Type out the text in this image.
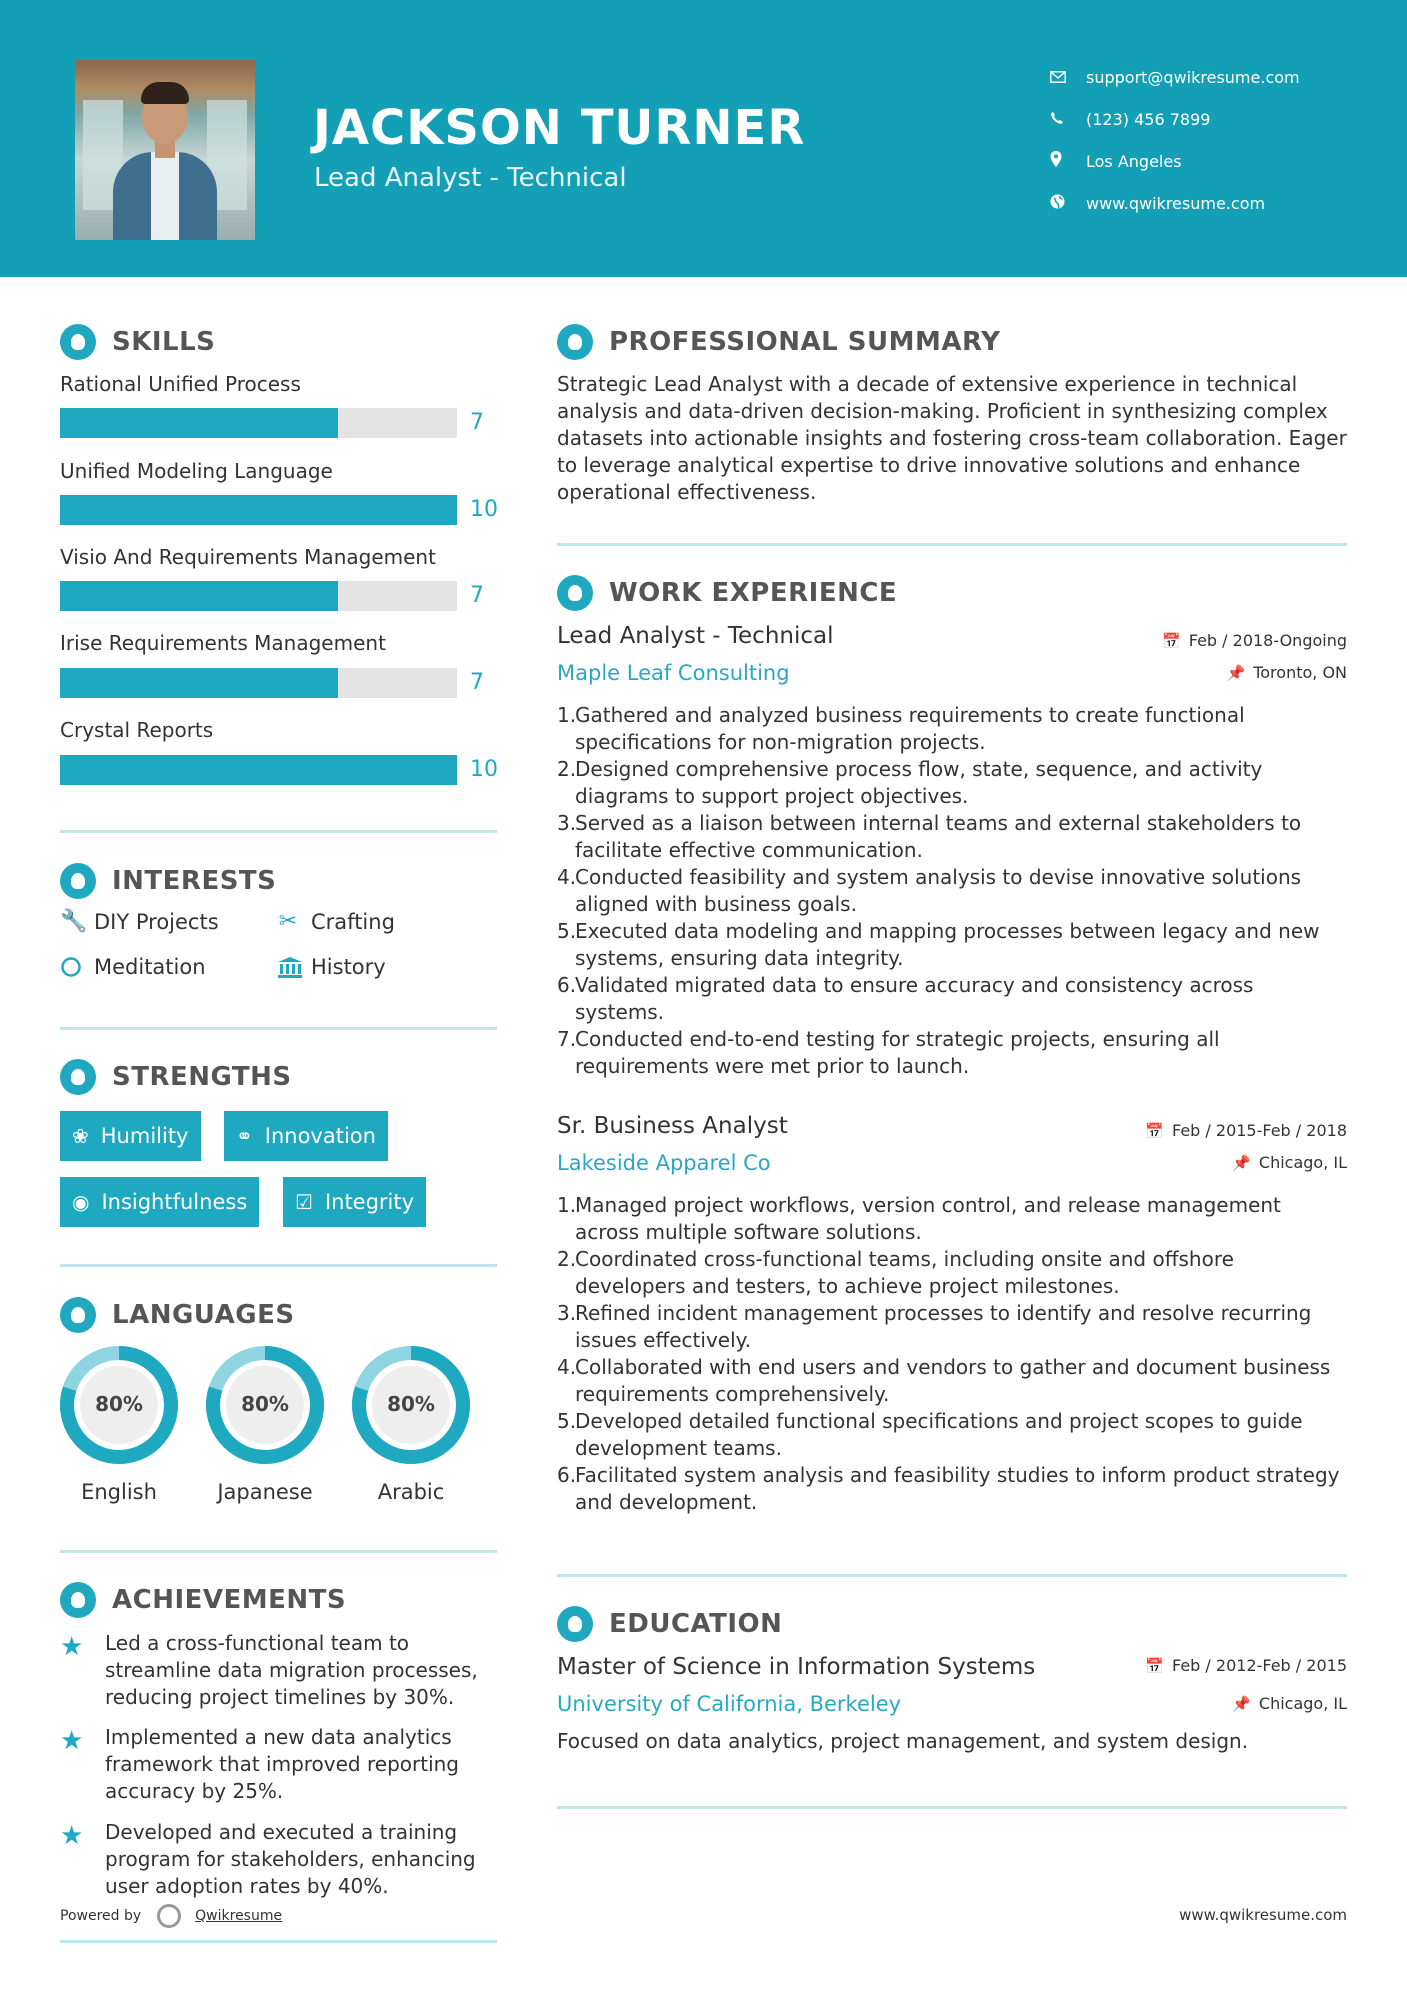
JACKSON TURNER
Lead Analyst - Technical
support@qwikresume.com
(123) 456 7899
Los Angeles
www.qwikresume.com
SKILLS
Rational Unified Process
7
Unified Modeling Language
10
Visio And Requirements Management
7
Irise Requirements Management
7
Crystal Reports
10
INTERESTS
🔧 DIY Projects	✂ Crafting
Meditation	History
STRENGTHS
❀ Humility ⚭ Innovation
◉ Insightfulness ☑ Integrity
LANGUAGES
80%
English
80%
Japanese
80%
Arabic
ACHIEVEMENTS
★	Led a cross-functional team to streamline data migration processes, reducing project timelines by 30%.
★	Implemented a new data analytics framework that improved reporting accuracy by 25%.
★	Developed and executed a training program for stakeholders, enhancing user adoption rates by 40%.
Powered by	Qwikresume
PROFESSIONAL SUMMARY
Strategic Lead Analyst with a decade of extensive experience in technical analysis and data-driven decision-making. Proficient in synthesizing complex datasets into actionable insights and fostering cross-team collaboration. Eager to leverage analytical expertise to drive innovative solutions and enhance operational effectiveness.
WORK EXPERIENCE
Lead Analyst - Technical	📅 Feb / 2018-Ongoing
Maple Leaf Consulting	📌 Toronto, ON
1.
Gathered and analyzed business requirements to create functional specifications for non-migration projects.
2.
Designed comprehensive process flow, state, sequence, and activity diagrams to support project objectives.
3.
Served as a liaison between internal teams and external stakeholders to facilitate effective communication.
4.
Conducted feasibility and system analysis to devise innovative solutions aligned with business goals.
5.
Executed data modeling and mapping processes between legacy and new systems, ensuring data integrity.
6.
Validated migrated data to ensure accuracy and consistency across systems.
7.
Conducted end-to-end testing for strategic projects, ensuring all requirements were met prior to launch.
Sr. Business Analyst	📅 Feb / 2015-Feb / 2018
Lakeside Apparel Co	📌 Chicago, IL
1.
Managed project workflows, version control, and release management across multiple software solutions.
2.
Coordinated cross-functional teams, including onsite and offshore developers and testers, to achieve project milestones.
3.
Refined incident management processes to identify and resolve recurring issues effectively.
4.
Collaborated with end users and vendors to gather and document business requirements comprehensively.
5.
Developed detailed functional specifications and project scopes to guide development teams.
6.
Facilitated system analysis and feasibility studies to inform product strategy and development.
EDUCATION
Master of Science in Information Systems	📅 Feb / 2012-Feb / 2015
University of California, Berkeley	📌 Chicago, IL
Focused on data analytics, project management, and system design.
www.qwikresume.com
